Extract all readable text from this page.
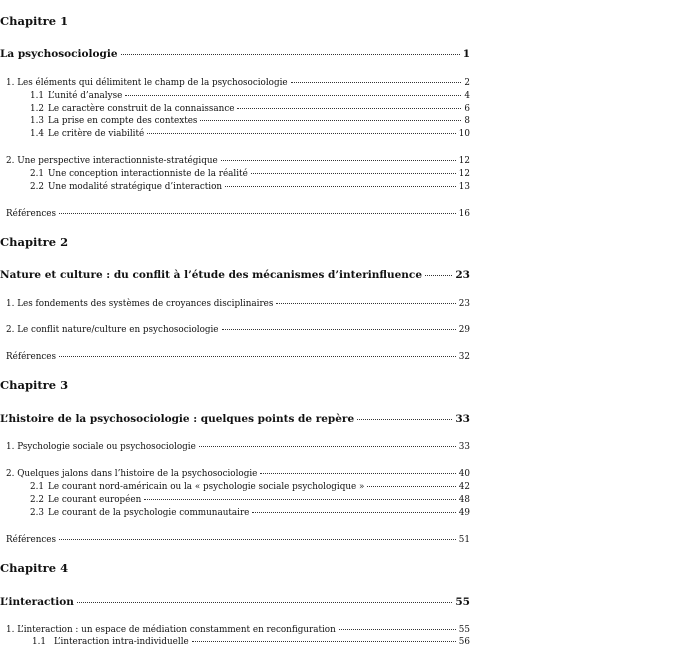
Chapitre 1
La psychosociologie	1
1. Les éléments qui délimitent le champ de la psychosociologie	2
1.1 L’unité d’analyse	4
1.2 Le caractère construit de la connaissance	6
1.3 La prise en compte des contextes	8
1.4 Le critère de viabilité	10
2. Une perspective interactionniste-stratégique	12
2.1 Une conception interactionniste de la réalité	12
2.2 Une modalité stratégique d’interaction	13
Références	16
Chapitre 2
Nature et culture : du conflit à l’étude des mécanismes d’interinfluence	23
1. Les fondements des systèmes de croyances disciplinaires	23
2. Le conflit nature/culture en psychosociologie	29
Références	32
Chapitre 3
L’histoire de la psychosociologie : quelques points de repère	33
1. Psychologie sociale ou psychosociologie	33
2. Quelques jalons dans l’histoire de la psychosociologie	40
2.1 Le courant nord-américain ou la « psychologie sociale psychologique »	42
2.2 Le courant européen	48
2.3 Le courant de la psychologie communautaire	49
Références	51
Chapitre 4
L’interaction	55
1. L’interaction : un espace de médiation constamment en reconfiguration	55
1.1 L’interaction intra-individuelle	56
